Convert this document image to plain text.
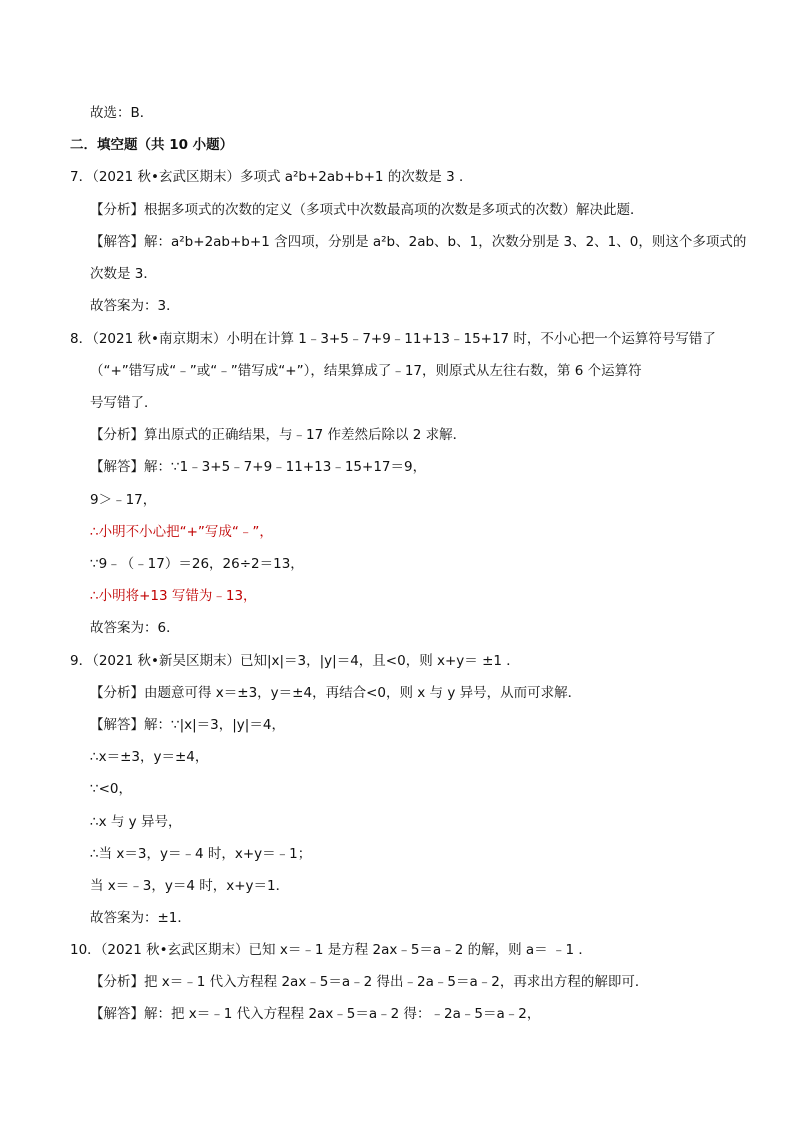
故选：B．
二．填空题（共 10 小题）
7．（2021 秋•玄武区期末）多项式 a²b+2ab+b+1 的次数是 3 ．
【分析】根据多项式的次数的定义（多项式中次数最高项的次数是多项式的次数）解决此题．
【解答】解：a²b+2ab+b+1 含四项，分别是 a²b、2ab、b、1，次数分别是 3、2、1、0，则这个多项式的
次数是 3．
故答案为：3．
8．（2021 秋•南京期末）小明在计算 1﹣3+5﹣7+9﹣11+13﹣15+17 时，不小心把一个运算符号写错了
（“+”错写成“﹣”或“﹣”错写成“+”），结果算成了﹣17，则原式从左往右数，第 6 个运算符
号写错了．
【分析】算出原式的正确结果，与﹣17 作差然后除以 2 求解．
【解答】解：∵1﹣3+5﹣7+9﹣11+13﹣15+17＝9，
9＞﹣17，
∴小明不小心把“+”写成“﹣”，
∵9﹣（﹣17）＝26，26÷2＝13，
∴小明将+13 写错为﹣13，
故答案为：6．
9．（2021 秋•新吴区期末）已知|x|＝3，|y|＝4，且<0，则 x+y＝ ±1 ．
【分析】由题意可得 x＝±3，y＝±4，再结合<0，则 x 与 y 异号，从而可求解．
【解答】解：∵|x|＝3，|y|＝4，
∴x＝±3，y＝±4，
∵<0，
∴x 与 y 异号，
∴当 x＝3，y＝﹣4 时，x+y＝﹣1；
当 x＝﹣3，y＝4 时，x+y＝1．
故答案为：±1．
10．（2021 秋•玄武区期末）已知 x＝﹣1 是方程 2ax﹣5＝a﹣2 的解，则 a＝ ﹣1 ．
【分析】把 x＝﹣1 代入方程程 2ax﹣5＝a﹣2 得出﹣2a﹣5＝a﹣2，再求出方程的解即可．
【解答】解：把 x＝﹣1 代入方程程 2ax﹣5＝a﹣2 得：﹣2a﹣5＝a﹣2，
